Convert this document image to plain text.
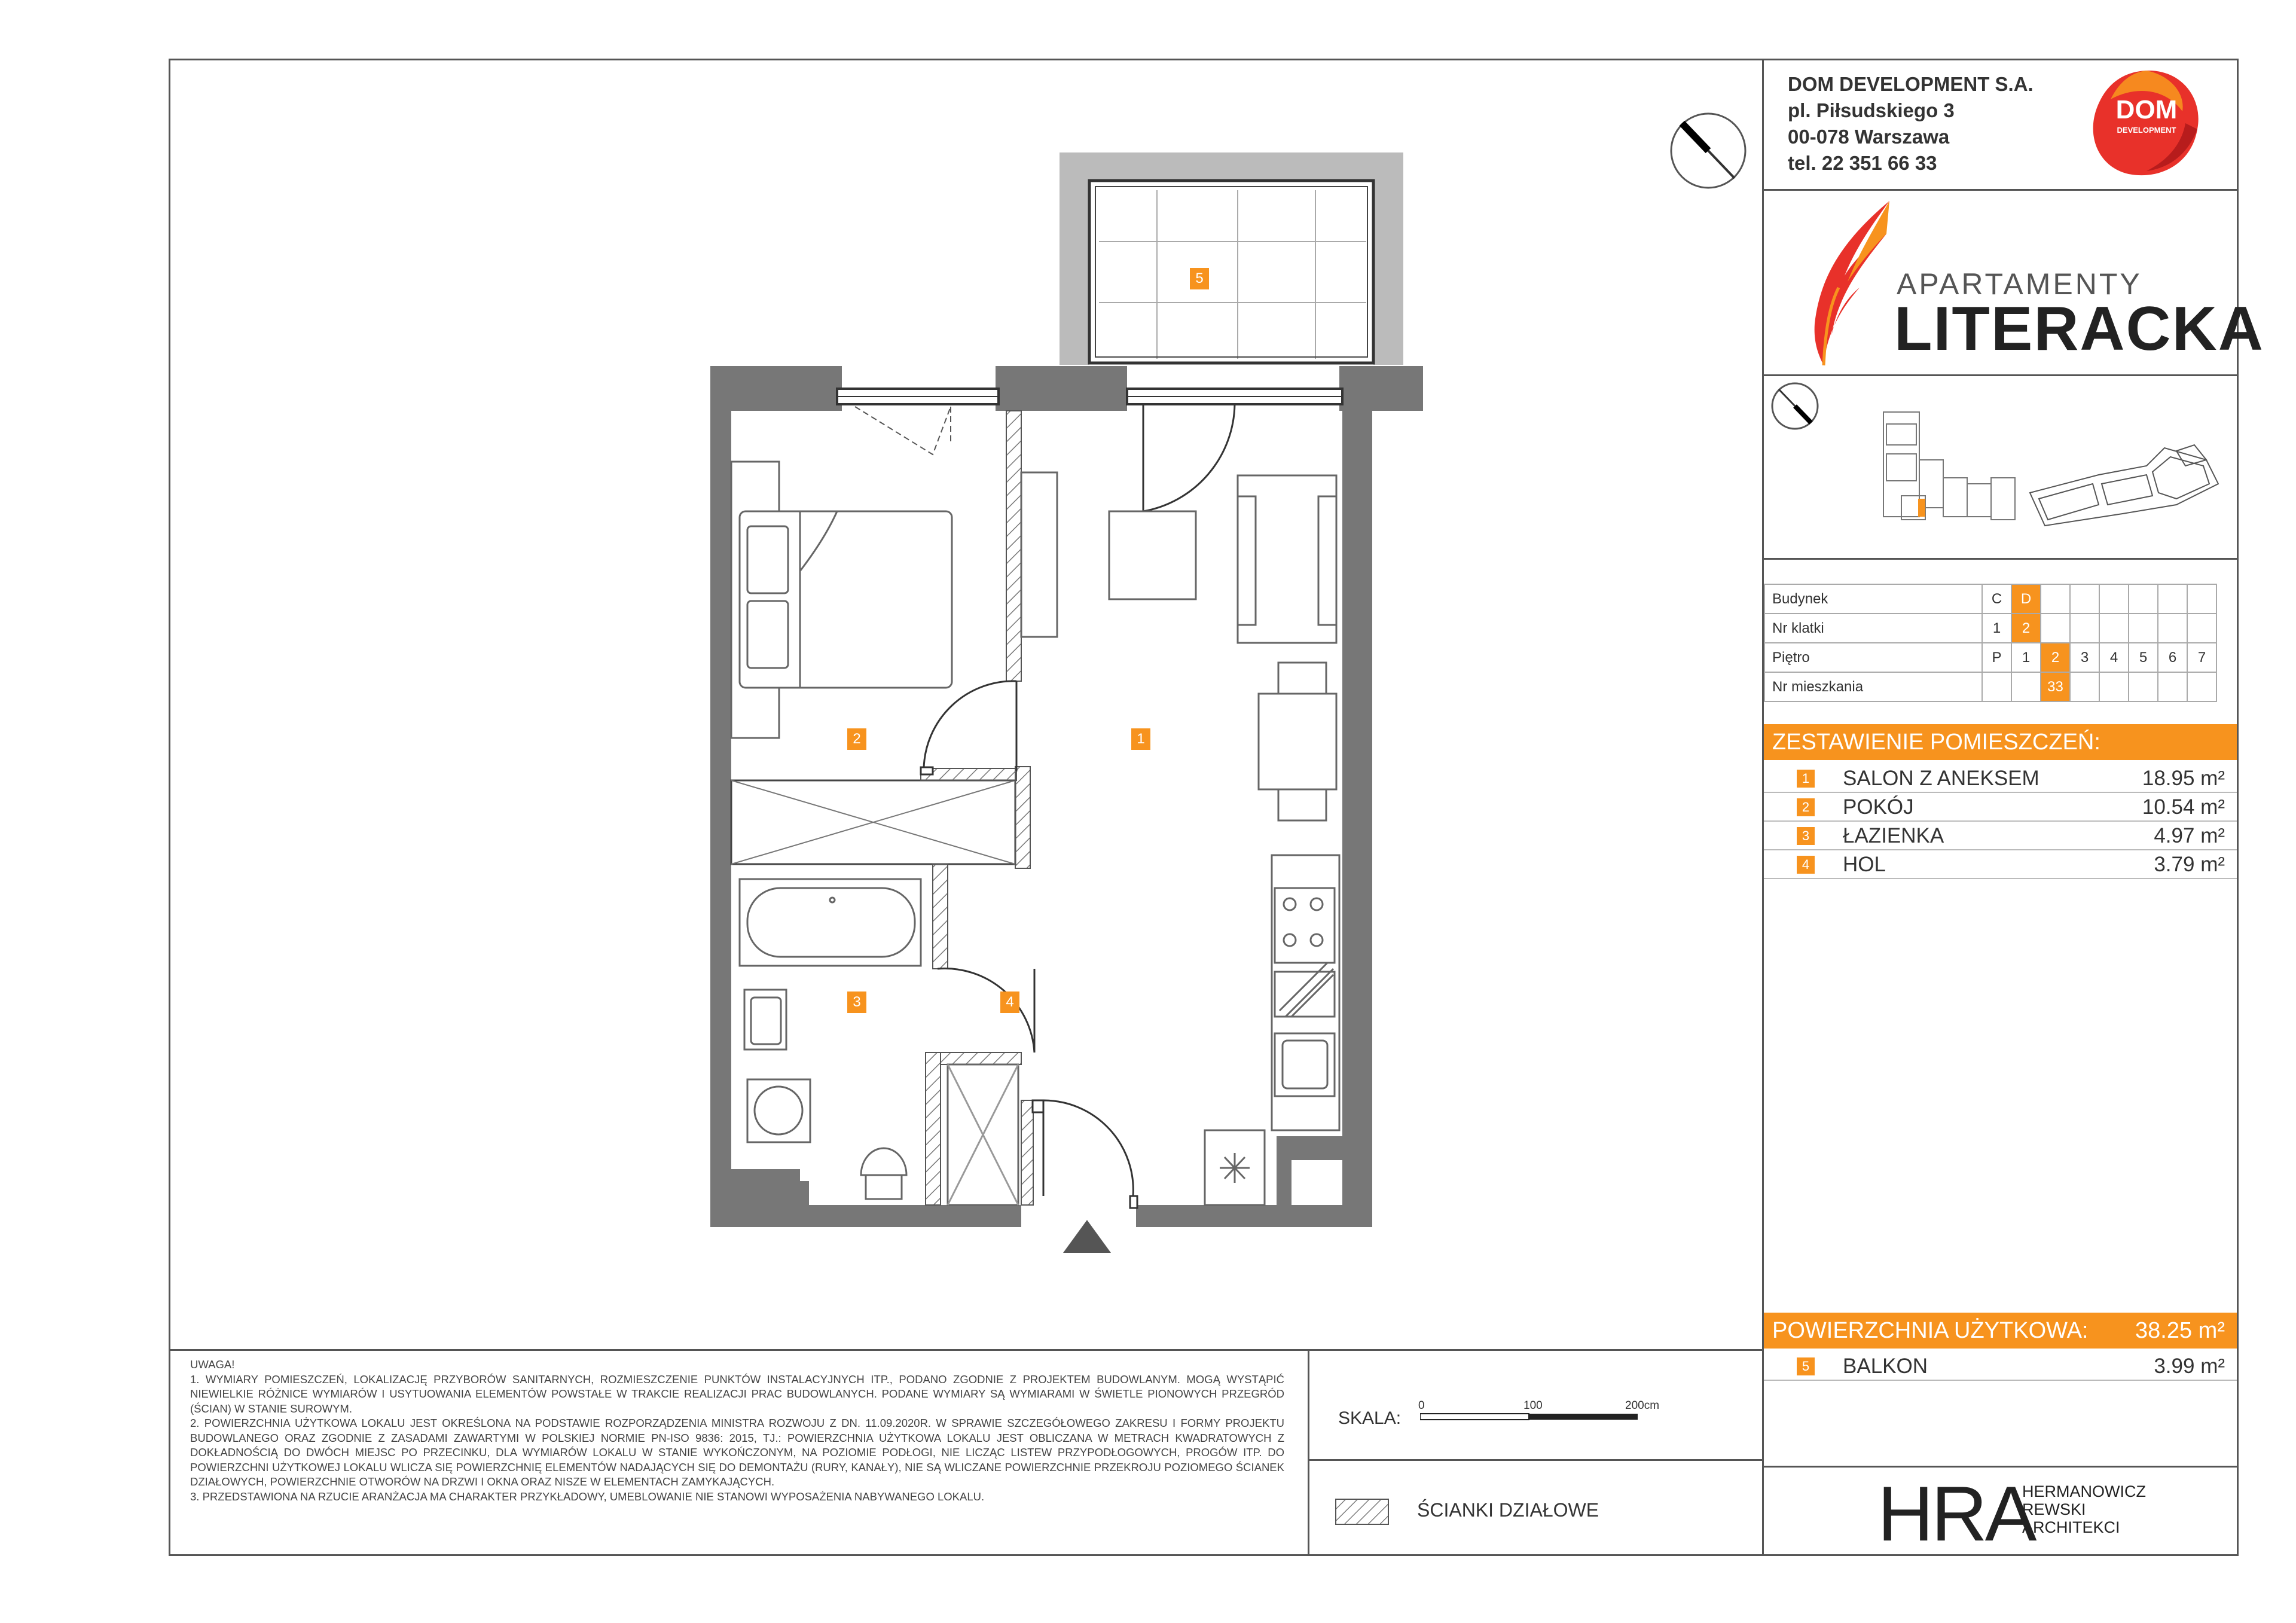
5
1
2
3	4
DOM DEVELOPMENT S.A.
pl. Piłsudskiego 3
00-078 Warszawa
tel. 22 351 66 33
DOM
DEVELOPMENT
APARTAMENTY
LITERACKA
Budynek	C	D						
Nr klatki	1	2						
Piętro	P	1	2	3	4	5	6	7
Nr mieszkania			33					
ZESTAWIENIE POMIESZCZEŃ:
1 SALON Z ANEKSEM	18.95 m²
2 POKÓJ	10.54 m²
3 ŁAZIENKA	4.97 m²
4 HOL	3.79 m²
POWIERZCHNIA UŻYTKOWA: 38.25 m²
5 BALKON	3.99 m²
HRA
HERMANOWICZ
REWSKI
ARCHITEKCI

UWAGA!

1. WYMIARY POMIESZCZEŃ, LOKALIZACJĘ PRZYBORÓW SANITARNYCH, ROZMIESZCZENIE PUNKTÓW INSTALACYJNYCH ITP., PODANO ZGODNIE Z PROJEKTEM BUDOWLANYM. MOGĄ WYSTĄPIĆ NIEWIELKIE RÓŻNICE WYMIARÓW I USYTUOWANIA ELEMENTÓW POWSTAŁE W TRAKCIE REALIZACJI PRAC BUDOWLANYCH. PODANE WYMIARY SĄ WYMIARAMI W ŚWIETLE PIONOWYCH PRZEGRÓD (ŚCIAN) W STANIE SUROWYM.

2. POWIERZCHNIA UŻYTKOWA LOKALU JEST OKREŚLONA NA PODSTAWIE ROZPORZĄDZENIA MINISTRA ROZWOJU Z DN. 11.09.2020R. W SPRAWIE SZCZEGÓŁOWEGO ZAKRESU I FORMY PROJEKTU BUDOWLANEGO ORAZ ZGODNIE Z ZASADAMI ZAWARTYMI W POLSKIEJ NORMIE PN-ISO 9836: 2015, TJ.: POWIERZCHNIA UŻYTKOWA LOKALU JEST OBLICZANA W METRACH KWADRATOWYCH Z DOKŁADNOŚCIĄ DO DWÓCH MIEJSC PO PRZECINKU, DLA WYMIARÓW LOKALU W STANIE WYKOŃCZONYM, NA POZIOMIE PODŁOGI, NIE LICZĄC LISTEW PRZYPODŁOGOWYCH, PROGÓW ITP. DO POWIERZCHNI UŻYTKOWEJ LOKALU WLICZA SIĘ POWIERZCHNIĘ ELEMENTÓW NADAJĄCYCH SIĘ DO DEMONTAŻU (RURY, KANAŁY), NIE SĄ WLICZANE POWIERZCHNIE PRZEKROJU POZIOMEGO ŚCIANEK DZIAŁOWYCH, POWIERZCHNIE OTWORÓW NA DRZWI I OKNA ORAZ NISZE W ELEMENTACH ZAMYKAJĄCYCH.

3. PRZEDSTAWIONA NA RZUCIE ARANŻACJA MA CHARAKTER PRZYKŁADOWY, UMEBLOWANIE NIE STANOWI WYPOSAŻENIA NABYWANEGO LOKALU.

SKALA:
0	100	200cm
ŚCIANKI DZIAŁOWE
